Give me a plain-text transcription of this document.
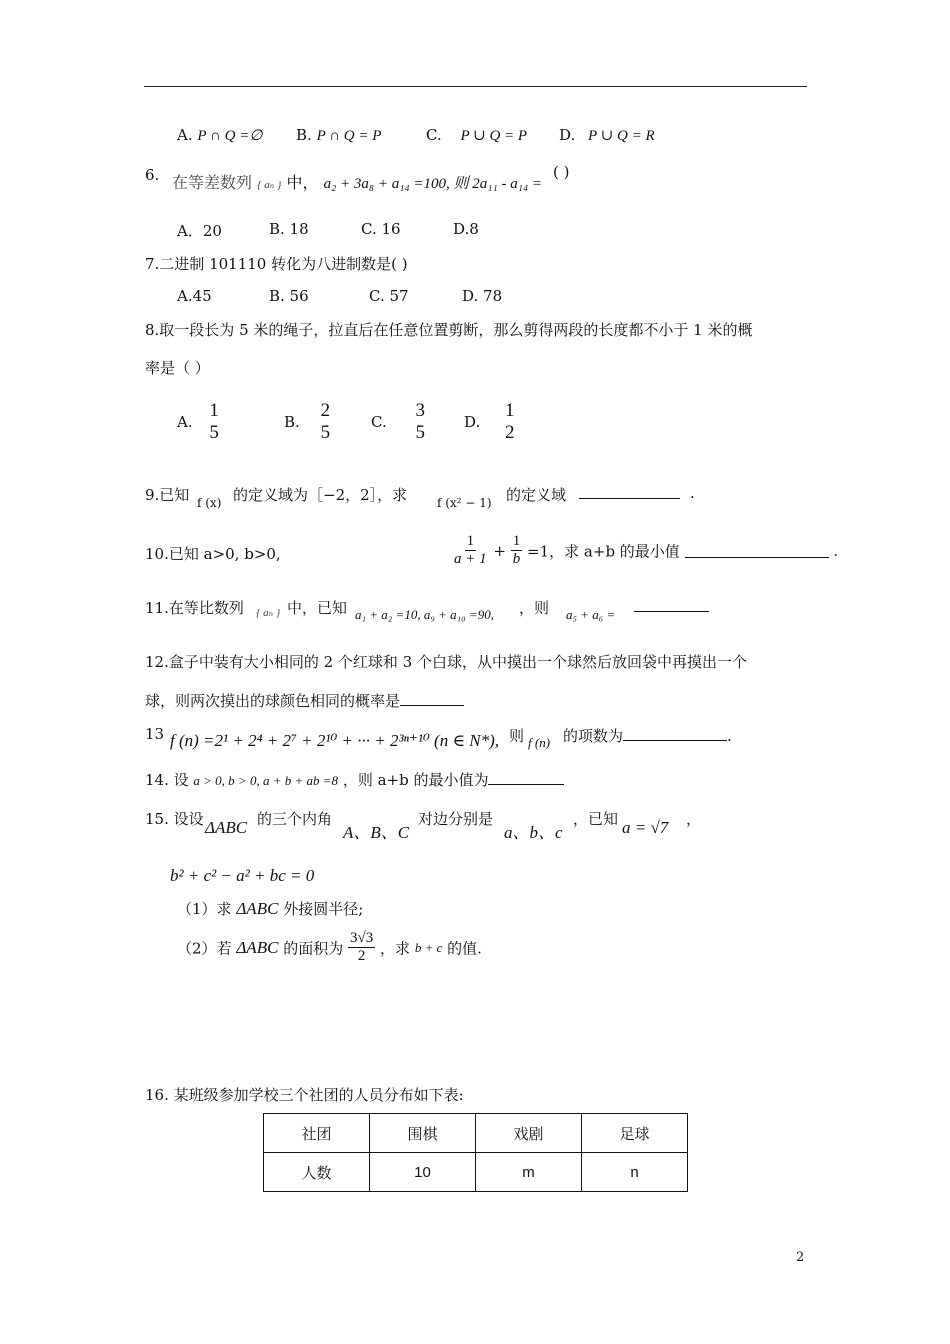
A. P ∩ Q =∅ B. P ∩ Q = P	C. P ∪ Q = P D. P ∪ Q = R
6. 在等差数列 { aₙ } 中， a₂ + 3a₈ + a₁₄ =100, 则 2a₁₁ - a₁₄ =
( )
A．20	B. 18	C. 16	D.8
7.二进制 101110 转化为八进制数是( )
A.45	B. 56	C. 57	D. 78
8.取一段长为 5 米的绳子，拉直后在任意位置剪断，那么剪得两段的长度都不小于 1 米的概
率是（ ）
A.
1
5	B.
2
5	C.
3
5	D.
1
2
9.已知 f (x) 的定义域为［−2，2］，求 f (x² − 1) 的定义域	.
10.已知 a>0, b>0,	$\frac{1}{a + 1} + \frac{1}{b} =1$，求 a+b 的最小值	.
11.在等比数列 { aₙ } 中，已知 a₁ + a₂ =10, a₉ + a₁₀ =90, ，则 a₅ + a₆ =
12.盒子中装有大小相同的 2 个红球和 3 个白球，从中摸出一个球然后放回袋中再摸出一个
球，则两次摸出的球颜色相同的概率是
13 f (n) =2¹ + 2⁴ + 2⁷ + 2¹⁰ + ··· + 2³ⁿ⁺¹⁰ (n ∈ N*), 则 f (n) 的项数为	.
14. 设 a > 0, b > 0, a + b + ab =8 ，则 a+b 的最小值为
15. 设设 ΔABC 的三个内角
A、B、C
对边分别是
a、b、c
，已知 a = √7 ，
b² + c² − a² + bc = 0
（1）求 ΔABC 外接圆半径;
（2）若 ΔABC 的面积为 $\frac{3√3}{2}$ ，求 b + c 的值.
16. 某班级参加学校三个社团的人员分布如下表:
社团	围棋	戏剧	足球
人数	10	m	n
2
